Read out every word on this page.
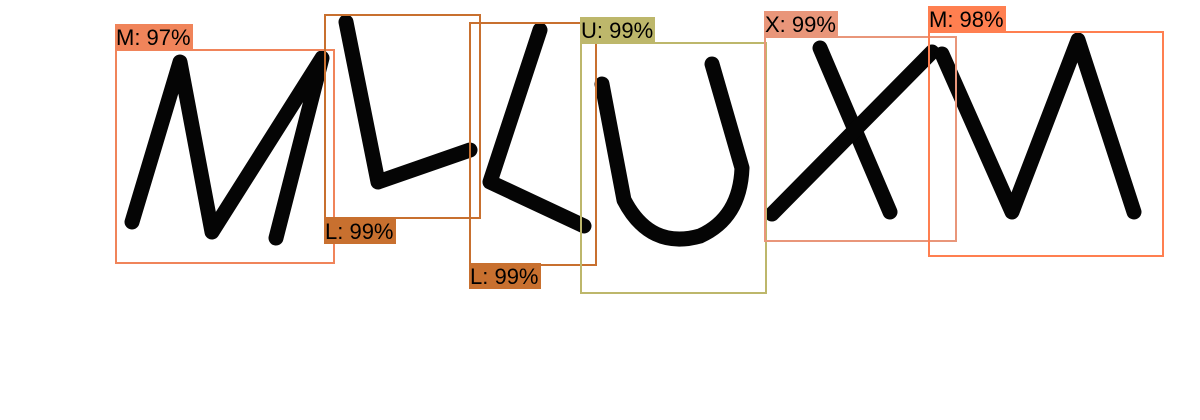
M: 97%
L: 99%
L: 99%
U: 99%	X: 99%	M: 98%
